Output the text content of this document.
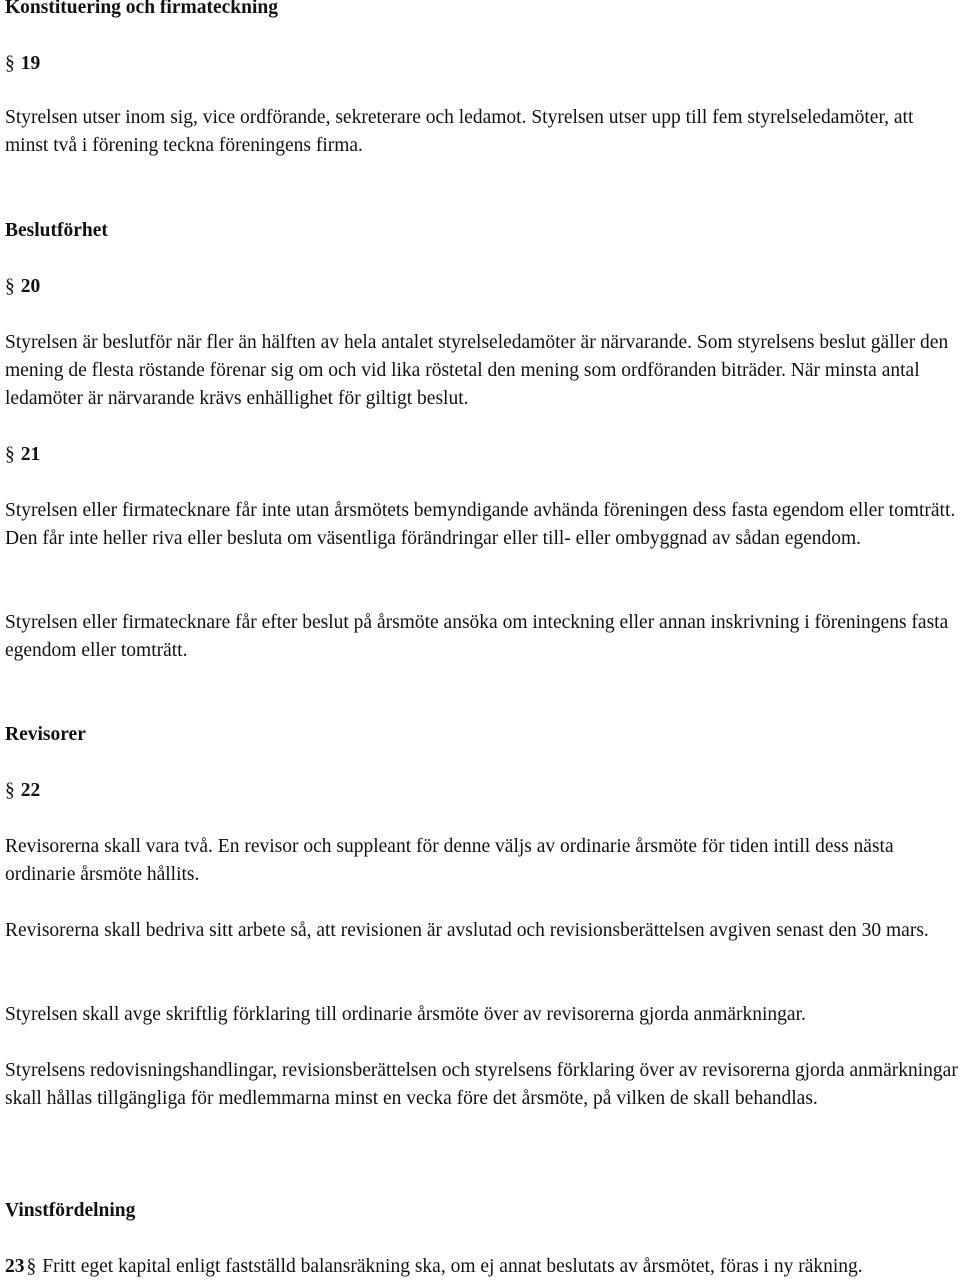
Konstituering och firmateckning
§ 19

Styrelsen utser inom sig, vice ordförande, sekreterare och ledamot. Styrelsen utser upp till fem styrelseledamöter, att minst två i förening teckna föreningens firma.

Beslutförhet
§ 20

Styrelsen är beslutför när fler än hälften av hela antalet styrelseledamöter är närvarande. Som styrelsens beslut gäller den mening de flesta röstande förenar sig om och vid lika röstetal den mening som ordföranden biträder. När minsta antal ledamöter är närvarande krävs enhällighet för giltigt beslut.

§ 21

Styrelsen eller firmatecknare får inte utan årsmötets bemyndigande avhända föreningen dess fasta egendom eller tomträtt. Den får inte heller riva eller besluta om väsentliga förändringar eller till- eller ombyggnad av sådan egendom.

Styrelsen eller firmatecknare får efter beslut på årsmöte ansöka om inteckning eller annan inskrivning i föreningens fasta egendom eller tomträtt.

Revisorer
§ 22

Revisorerna skall vara två. En revisor och suppleant för denne väljs av ordinarie årsmöte för tiden intill dess nästa ordinarie årsmöte hållits.

Revisorerna skall bedriva sitt arbete så, att revisionen är avslutad och revisionsberättelsen avgiven senast den 30 mars.

Styrelsen skall avge skriftlig förklaring till ordinarie årsmöte över av revisorerna gjorda anmärkningar.

Styrelsens redovisningshandlingar, revisionsberättelsen och styrelsens förklaring över av revisorerna gjorda anmärkningar skall hållas tillgängliga för medlemmarna minst en vecka före det årsmöte, på vilken de skall behandlas.

Vinstfördelning

23 § Fritt eget kapital enligt fastställd balansräkning ska, om ej annat beslutats av årsmötet, föras i ny räkning.
